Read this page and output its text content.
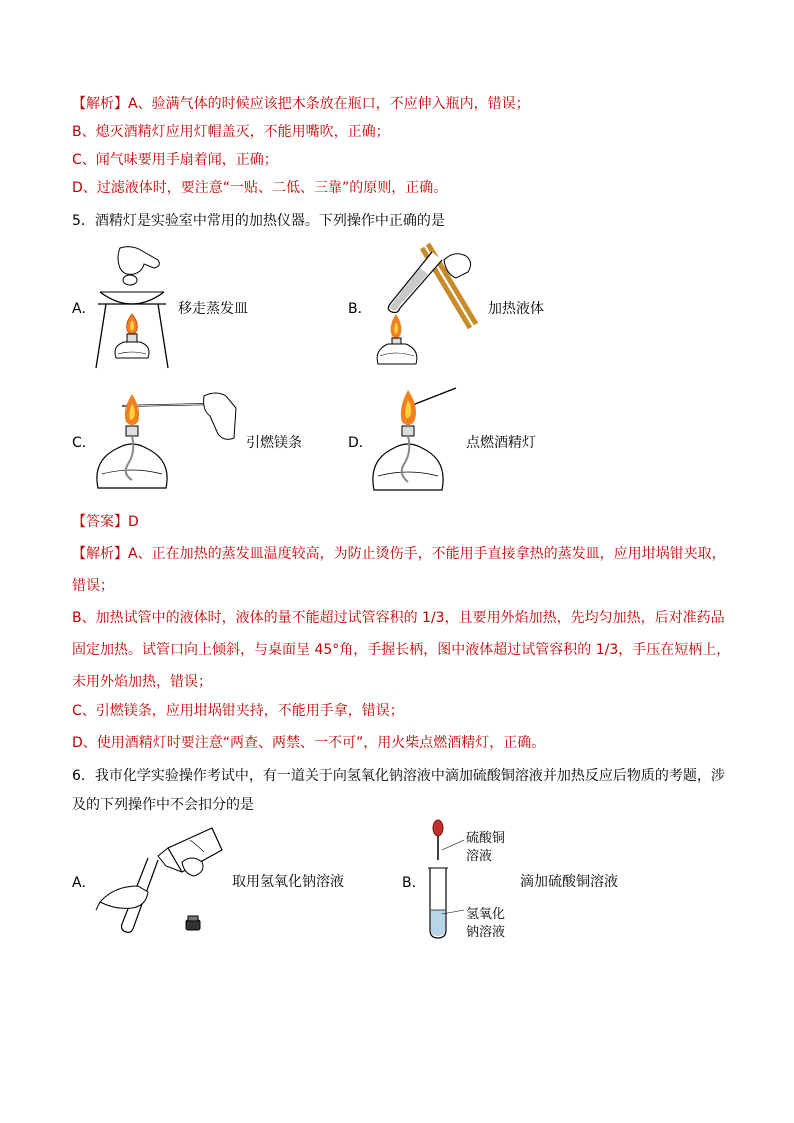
【解析】A、验满气体的时候应该把木条放在瓶口，不应伸入瓶内，错误；
B、熄灭酒精灯应用灯帽盖灭，不能用嘴吹，正确；
C、闻气味要用手扇着闻，正确；
D、过滤液体时，要注意“一贴、二低、三靠”的原则，正确。
5．酒精灯是实验室中常用的加热仪器。下列操作中正确的是
A．	移走蒸发皿	B．	加热液体
C．	引燃镁条	D．	点燃酒精灯
【答案】D
【解析】A、正在加热的蒸发皿温度较高，为防止烫伤手，不能用手直接拿热的蒸发皿，应用坩埚钳夹取，
错误；
B、加热试管中的液体时，液体的量不能超过试管容积的 1/3，且要用外焰加热，先均匀加热，后对准药品
固定加热。试管口向上倾斜，与桌面呈 45°角，手握长柄，图中液体超过试管容积的 1/3，手压在短柄上，
未用外焰加热，错误；
C、引燃镁条，应用坩埚钳夹持，不能用手拿，错误；
D、使用酒精灯时要注意“两查、两禁、一不可”，用火柴点燃酒精灯，正确。
6．我市化学实验操作考试中，有一道关于向氢氧化钠溶液中滴加硫酸铜溶液并加热反应后物质的考题，涉
及的下列操作中不会扣分的是
A．	取用氢氧化钠溶液	B．
硫酸铜
溶液
氢氧化
钠溶液
滴加硫酸铜溶液
